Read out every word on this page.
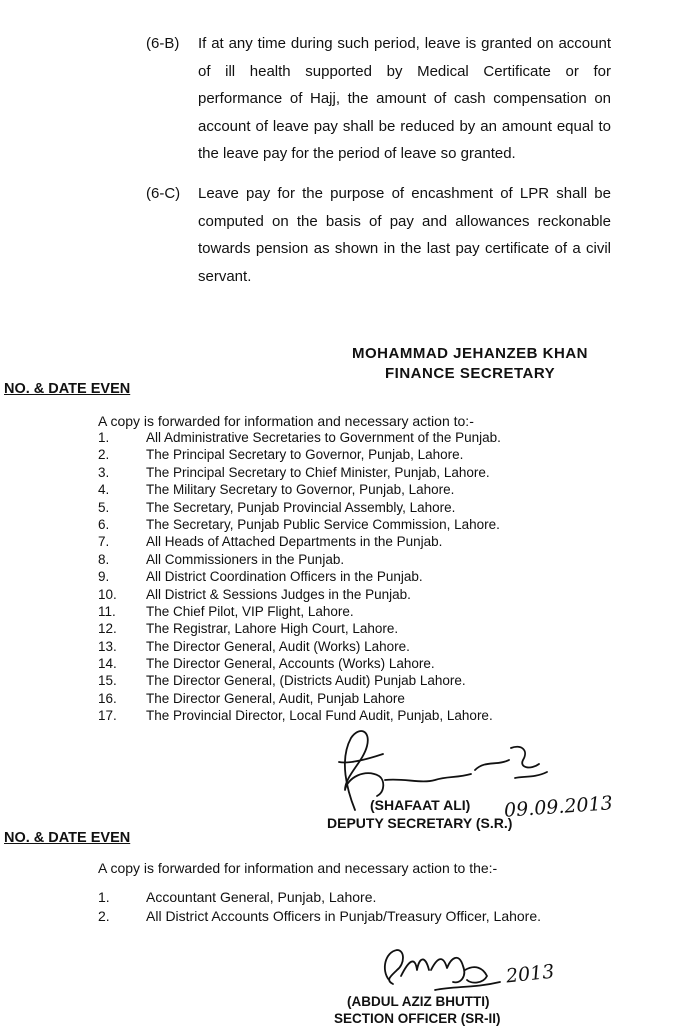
(6-B) If at any time during such period, leave is granted on account of ill health supported by Medical Certificate or for performance of Hajj, the amount of cash compensation on account of leave pay shall be reduced by an amount equal to the leave pay for the period of leave so granted.
(6-C) Leave pay for the purpose of encashment of LPR shall be computed on the basis of pay and allowances reckonable towards pension as shown in the last pay certificate of a civil servant.
MOHAMMAD JEHANZEB KHAN
FINANCE SECRETARY
NO. & DATE EVEN
A copy is forwarded for information and necessary action to:-
1.	All Administrative Secretaries to Government of the Punjab.
2.	The Principal Secretary to Governor, Punjab, Lahore.
3.	The Principal Secretary to Chief Minister, Punjab, Lahore.
4.	The Military Secretary to Governor, Punjab, Lahore.
5.	The Secretary, Punjab Provincial Assembly, Lahore.
6.	The Secretary, Punjab Public Service Commission, Lahore.
7.	All Heads of Attached Departments in the Punjab.
8.	All Commissioners in the Punjab.
9.	All District Coordination Officers in the Punjab.
10.	All District & Sessions Judges in the Punjab.
11.	The Chief Pilot, VIP Flight, Lahore.
12.	The Registrar, Lahore High Court, Lahore.
13.	The Director General, Audit (Works) Lahore.
14.	The Director General, Accounts (Works) Lahore.
15.	The Director General, (Districts Audit) Punjab Lahore.
16.	The Director General, Audit, Punjab Lahore
17.	The Provincial Director, Local Fund Audit, Punjab, Lahore.
(SHAFAAT ALI) 09.09.2013
DEPUTY SECRETARY (S.R.)
NO. & DATE EVEN
A copy is forwarded for information and necessary action to the:-
1.	Accountant General, Punjab, Lahore.
2.	All District Accounts Officers in Punjab/Treasury Officer, Lahore.
2013
(ABDUL AZIZ BHUTTI)
SECTION OFFICER (SR-II)
